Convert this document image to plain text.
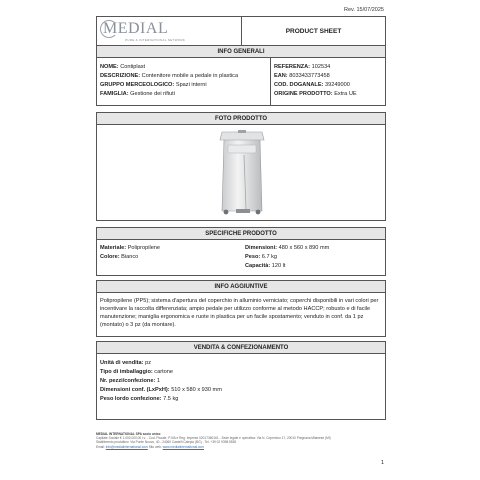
Rev. 15/07/2025
MEDIAL
PURE & INTERNATIONAL NETWORK
PRODUCT SHEET
INFO GENERALI
NOME: Contiplast
DESCRIZIONE: Contenitore mobile a pedale in plastica
GRUPPO MERCEOLOGICO: Spazi interni
FAMIGLIA: Gestione dei rifiuti
REFERENZA: 102534
EAN: 8033433773458
COD. DOGANALE: 39249000
ORIGINE PRODOTTO: Extra UE
FOTO PRODOTTO
SPECIFICHE PRODOTTO
Materiale: Polipropilene
Colore: Bianco
Dimensioni: 480 x 560 x 890 mm
Peso: 6.7 kg
Capacità: 120 lt
INFO AGGIUNTIVE
Polipropilene (PP5); sistema d'apertura del coperchio in alluminio verniciato; coperchi disponibili in vari colori per incentivare la raccolta differenziata; ampio pedale per utilizzo conforme al metodo HACCP; robusto e di facile manutenzione; maniglia ergonomica e ruote in plastica per un facile spostamento; venduto in conf. da 1 pz (montato) o 3 pz (da montare).
VENDITA & CONFEZIONAMENTO
Unità di vendita: pz
Tipo di imballaggio: cartone
Nr. pezzi/confezione: 1
Dimensioni conf. (LxPxH): 510 x 580 x 930 mm
Peso lordo confezione: 7.5 kg
MEDIAL INTERNATIONAL SPA socio unico
Capitale Sociale € 1.000.000,00 i.v. - Cod. Fiscale, P.IVA e Reg. Imprese 02017360161 - Sede legale e operativa: Via N. Copernico 17, 20010 Pregnana Milanese (MI)
Stabilimento produttivo: Via Ponte Nuovo, 40 - 24060 Castelli Calepio (BG) - Tel. +39 02 9398.5555
Email: info@medialinternational.com Sito web: www.medialinternational.com
1
